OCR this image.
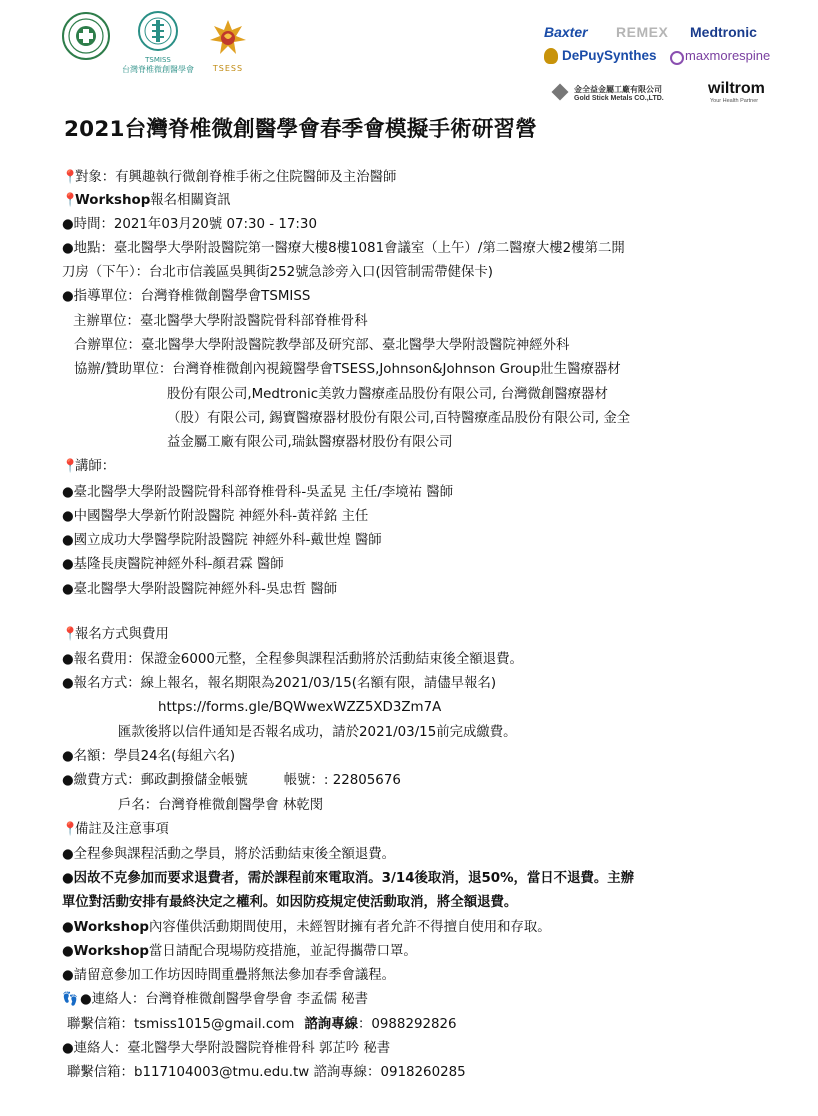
TSMISS
台灣脊椎微創醫學會	TSESS
Baxter REMEX Medtronic
DePuySynthes maxmorespine
金全益金屬工廠有限公司
Gold Stick Metals CO.,LTD.
wiltrom
Your Health Partner
2021台灣脊椎微創醫學會春季會模擬手術研習營
📍對象：有興趣執行微創脊椎手術之住院醫師及主治醫師
📍Workshop報名相關資訊
●時間：2021年03月20號 07:30 - 17:30
●地點：臺北醫學大學附設醫院第一醫療大樓8樓1081會議室（上午）/第二醫療大樓2樓第二開
刀房（下午）：台北市信義區吳興街252號急診旁入口(因管制需帶健保卡)
●指導單位：台灣脊椎微創醫學會TSMISS
主辦單位：臺北醫學大學附設醫院骨科部脊椎骨科
合辦單位：臺北醫學大學附設醫院教學部及研究部、臺北醫學大學附設醫院神經外科
協辦/贊助單位：台灣脊椎微創內視鏡醫學會TSESS,Johnson&Johnson Group壯生醫療器材
股份有限公司,Medtronic美敦力醫療產品股份有限公司, 台灣微創醫療器材
（股）有限公司, 錫寶醫療器材股份有限公司,百特醫療產品股份有限公司, 金全
益金屬工廠有限公司,瑞鈦醫療器材股份有限公司
📍講師：
●臺北醫學大學附設醫院骨科部脊椎骨科-吳孟晃 主任/李境祐 醫師
●中國醫學大學新竹附設醫院 神經外科-黃祥銘 主任
●國立成功大學醫學院附設醫院 神經外科-戴世煌 醫師
●基隆長庚醫院神經外科-顏君霖 醫師
●臺北醫學大學附設醫院神經外科-吳忠哲 醫師
📍報名方式與費用
●報名費用：保證金6000元整，全程參與課程活動將於活動結束後全額退費。
●報名方式：線上報名，報名期限為2021/03/15(名額有限，請儘早報名)
https://forms.gle/BQWwexWZZ5XD3Zm7A
匯款後將以信件通知是否報名成功，請於2021/03/15前完成繳費。
●名額：學員24名(每組六名)
●繳費方式：郵政劃撥儲金帳號	帳號：: 22805676
戶名：台灣脊椎微創醫學會 林乾閔
📍備註及注意事項
●全程參與課程活動之學員，將於活動結束後全額退費。
●因故不克參加而要求退費者，需於課程前來電取消。3/14後取消，退50%，當日不退費。主辦
單位對活動安排有最終決定之權利。如因防疫規定使活動取消，將全額退費。
●Workshop內容僅供活動期間使用，未經智財擁有者允許不得擅自使用和存取。
●Workshop當日請配合現場防疫措施，並記得攜帶口罩。
●請留意參加工作坊因時間重疊將無法參加春季會議程。
👣 ●連絡人：台灣脊椎微創醫學會學會 李孟儒 秘書
聯繫信箱：tsmiss1015@gmail.com 諮詢專線：0988292826
●連絡人：臺北醫學大學附設醫院脊椎骨科 郭芷吟 秘書
聯繫信箱：b117104003@tmu.edu.tw 諮詢專線：0918260285
